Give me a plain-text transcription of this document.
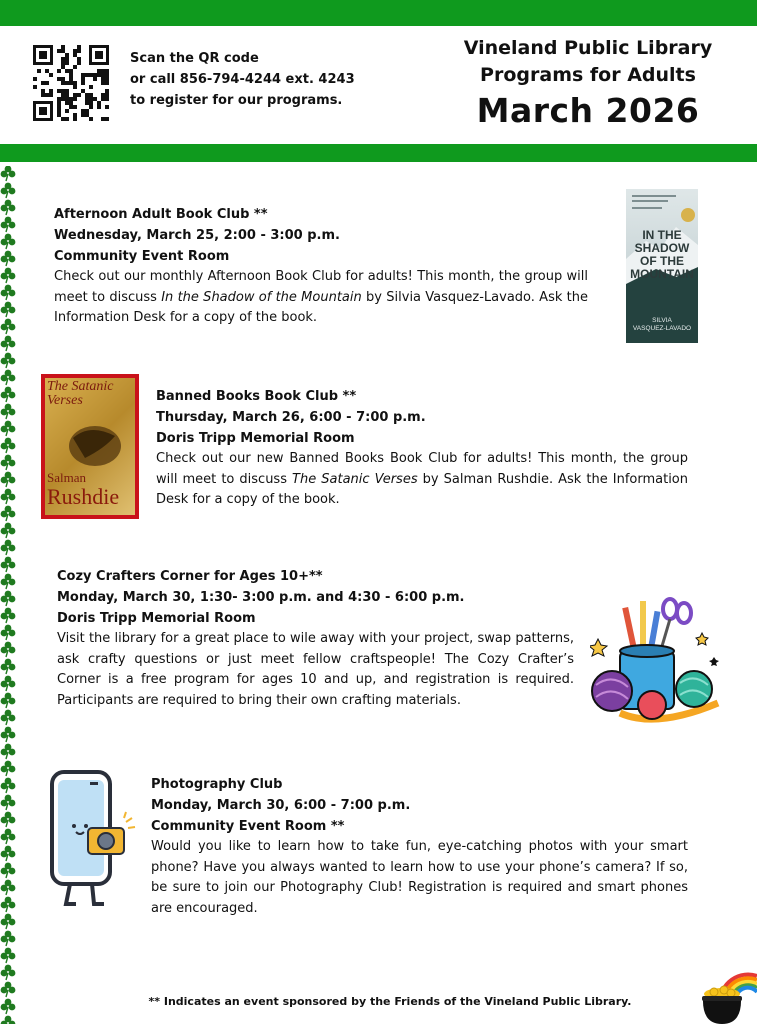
Scan the QR code
or call 856-794-4244 ext. 4243
to register for our programs.
Vineland Public Library
Programs for Adults
March 2026
Afternoon Adult Book Club **
Wednesday, March 25, 2:00 - 3:00 p.m.
Community Event Room
Check out our monthly Afternoon Book Club for adults! This month, the group will meet to discuss In the Shadow of the Mountain by Silvia Vasquez-Lavado. Ask the Information Desk for a copy of the book.
IN THE
SHADOW
OF THE
MOUNTAIN
SILVIA
VASQUEZ-LAVADO
The Satanic Verses
Salman
Rushdie
Banned Books Book Club **
Thursday, March 26, 6:00 - 7:00 p.m.
Doris Tripp Memorial Room
Check out our new Banned Books Book Club for adults! This month, the group will meet to discuss The Satanic Verses by Salman Rushdie. Ask the Information Desk for a copy of the book.
Cozy Crafters Corner for Ages 10+**
Monday, March 30, 1:30- 3:00 p.m. and 4:30 - 6:00 p.m.
Doris Tripp Memorial Room
Visit the library for a great place to wile away with your project, swap patterns, ask crafty questions or just meet fellow craftspeople! The Cozy Crafter’s Corner is a free program for ages 10 and up, and registration is required. Participants are required to bring their own crafting materials.
Photography Club
Monday, March 30, 6:00 - 7:00 p.m.
Community Event Room **
Would you like to learn how to take fun, eye-catching photos with your smart phone? Have you always wanted to learn how to use your phone’s camera? If so, be sure to join our Photography Club! Registration is required and smart phones are encouraged.
** Indicates an event sponsored by the Friends of the Vineland Public Library.
